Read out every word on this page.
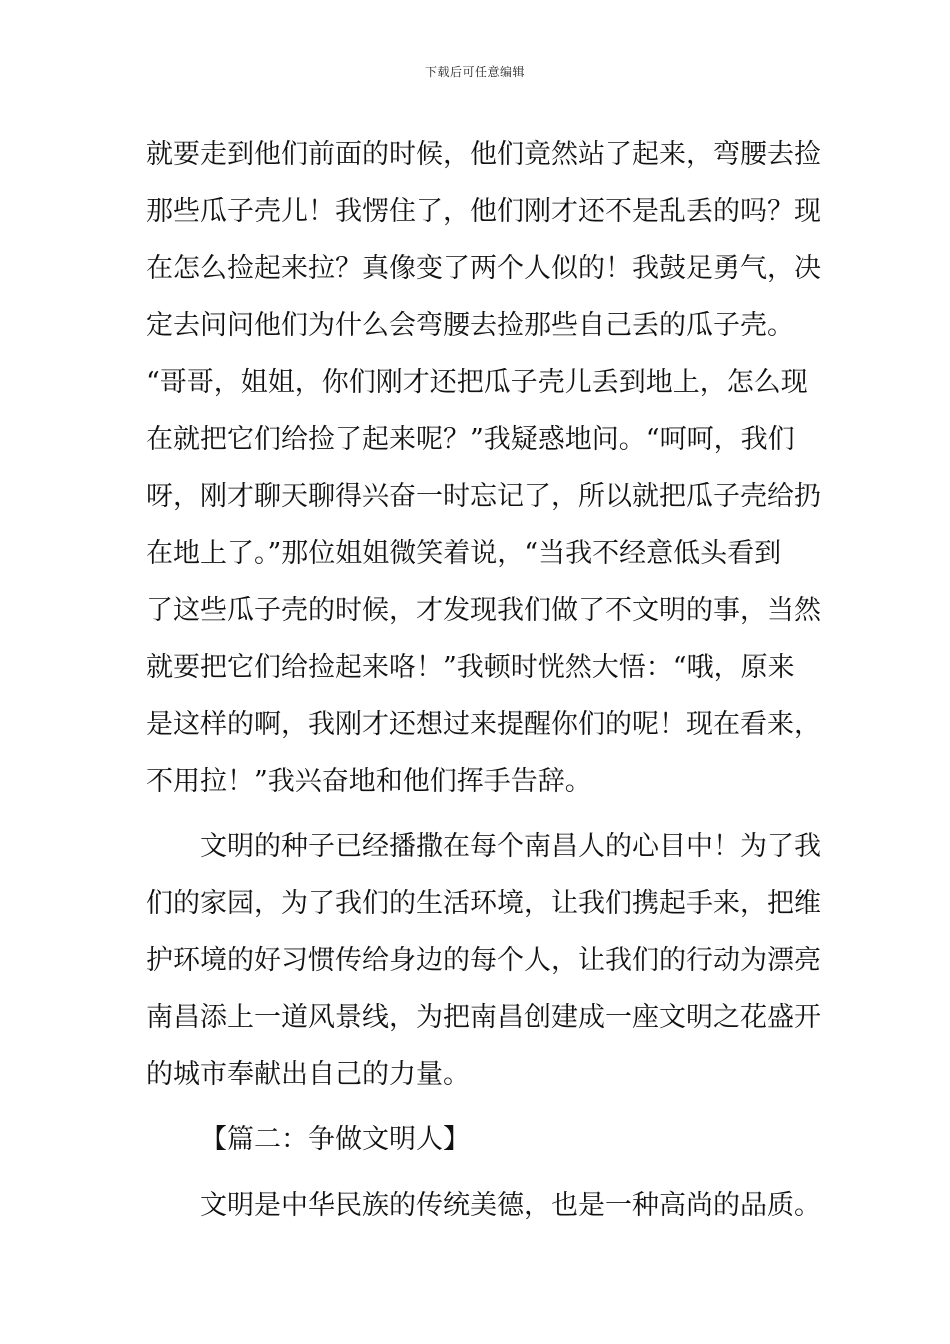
下载后可任意编辑
就要走到他们前面的时候，他们竟然站了起来，弯腰去捡
那些瓜子壳儿！我愣住了，他们刚才还不是乱丢的吗？现
在怎么捡起来拉？真像变了两个人似的！我鼓足勇气，决
定去问问他们为什么会弯腰去捡那些自己丢的瓜子壳。
“哥哥，姐姐，你们刚才还把瓜子壳儿丢到地上，怎么现
在就把它们给捡了起来呢？”我疑惑地问。“呵呵，我们
呀，刚才聊天聊得兴奋一时忘记了，所以就把瓜子壳给扔
在地上了。”那位姐姐微笑着说，“当我不经意低头看到
了这些瓜子壳的时候，才发现我们做了不文明的事，当然
就要把它们给捡起来咯！”我顿时恍然大悟：“哦，原来
是这样的啊，我刚才还想过来提醒你们的呢！现在看来，
不用拉！”我兴奋地和他们挥手告辞。
文明的种子已经播撒在每个南昌人的心目中！为了我
们的家园，为了我们的生活环境，让我们携起手来，把维
护环境的好习惯传给身边的每个人，让我们的行动为漂亮
南昌添上一道风景线，为把南昌创建成一座文明之花盛开
的城市奉献出自己的力量。
【篇二：争做文明人】
文明是中华民族的传统美德，也是一种高尚的品质。
